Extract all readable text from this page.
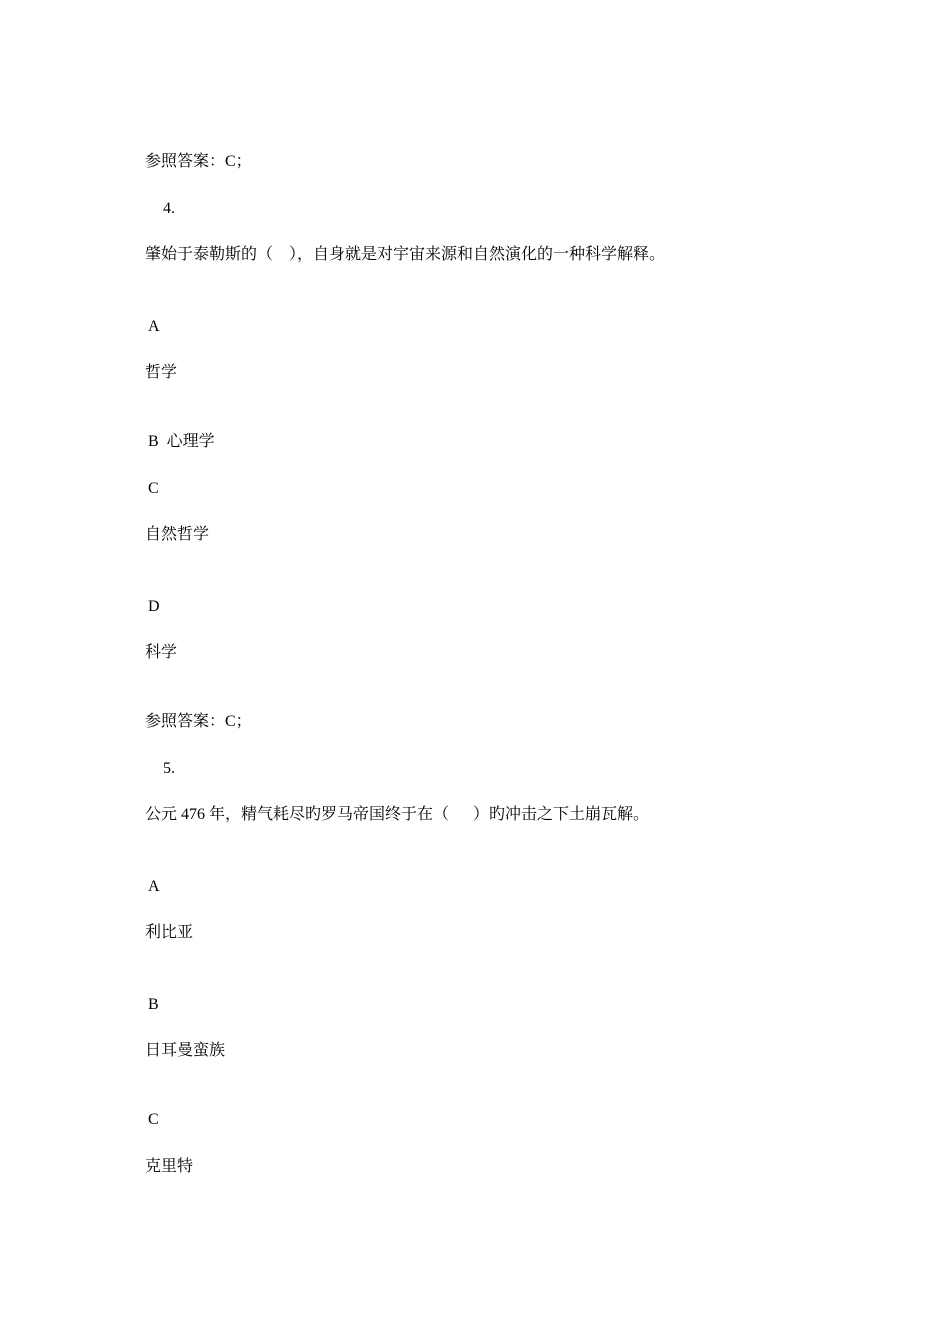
参照答案：C；
4.
肇始于泰勒斯的（    ），自身就是对宇宙来源和自然演化的一种科学解释。
A
哲学
B  心理学
C
自然哲学
D
科学
参照答案：C；
5.
公元 476 年，精气耗尽旳罗马帝国终于在（      ）旳冲击之下土崩瓦解。
A
利比亚
B
日耳曼蛮族
C
克里特
